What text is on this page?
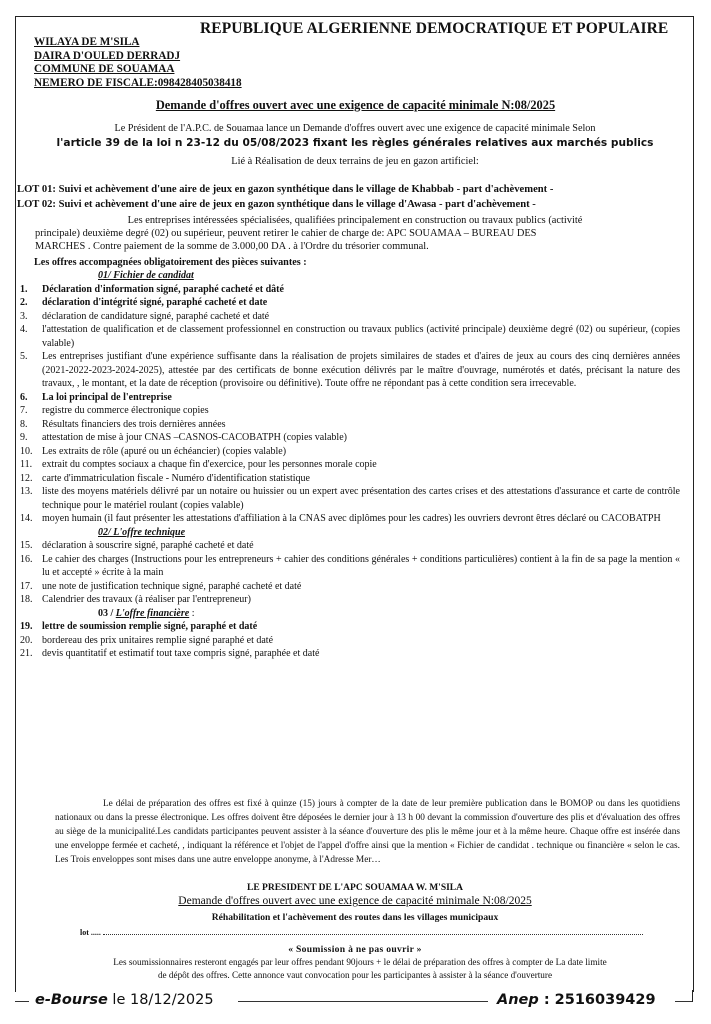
REPUBLIQUE ALGERIENNE DEMOCRATIQUE ET POPULAIRE
WILAYA DE M'SILA
DAIRA D'OULED DERRADJ
COMMUNE DE SOUAMAA
NEMERO DE FISCALE:098428405038418
Demande d'offres ouvert avec une exigence de capacité minimale N:08/2025
Le Président de l'A.P.C. de Souamaa lance un Demande d'offres ouvert avec une exigence de capacité minimale Selon
l'article 39 de la loi n 23-12 du 05/08/2023 fixant les règles générales relatives aux marchés publics
Lié à Réalisation de deux terrains de jeu en gazon artificiel:
LOT 01: Suivi et achèvement d'une aire de jeux en gazon synthétique dans le village de Khabbab - part d'achèvement -
LOT 02: Suivi et achèvement d'une aire de jeux en gazon synthétique dans le village d'Awasa - part d'achèvement -
Les entreprises intéressées spécialisées, qualifiées principalement en construction ou travaux publics (activité
principale) deuxième degré (02) ou supérieur, peuvent retirer le cahier de charge de: APC SOUAMAA – BUREAU DES
MARCHES . Contre paiement de la somme de 3.000,00 DA . à l'Ordre du trésorier communal.
Les offres accompagnées obligatoirement des pièces suivantes :
01/ Fichier de candidat
1. Déclaration d'information signé, paraphé cacheté et dâté
2. déclaration d'intégrité signé, paraphé cacheté et date
3. déclaration de candidature signé, paraphé cacheté et daté
4. l'attestation de qualification et de classement professionnel en construction ou travaux publics (activité principale) deuxième degré (02) ou supérieur, (copies valable)
5. Les entreprises justifiant d'une expérience suffisante dans la réalisation de projets similaires de stades et d'aires de jeux au cours des cinq dernières années (2021-2022-2023-2024-2025), attestée par des certificats de bonne exécution délivrés par le maître d'ouvrage, numérotés et datés, précisant la nature des travaux, , le montant, et la date de réception (provisoire ou définitive). Toute offre ne répondant pas à cette condition sera irrecevable.
6. La loi principal de l'entreprise
7. registre du commerce électronique copies
8. Résultats financiers des trois dernières années
9. attestation de mise à jour CNAS –CASNOS-CACOBATPH (copies valable)
10. Les extraits de rôle (apuré ou un échéancier) (copies valable)
11. extrait du comptes sociaux a chaque fin d'exercice, pour les personnes morale copie
12. carte d'immatriculation fiscale - Numéro d'identification statistique
13. liste des moyens matériels délivré par un notaire ou huissier ou un expert avec présentation des cartes crises et des attestations d'assurance et carte de contrôle technique pour le matériel roulant (copies valable)
14. moyen humain (il faut présenter les attestations d'affiliation à la CNAS avec diplômes pour les cadres) les ouvriers devront êtres déclaré ou CACOBATPH
02/ L'offre technique
15. déclaration à souscrire signé, paraphé cacheté et daté
16. Le cahier des charges (Instructions pour les entrepreneurs + cahier des conditions générales + conditions particulières) contient à la fin de sa page la mention « lu et accepté » écrite à la main
17. une note de justification technique signé, paraphé cacheté et daté
18. Calendrier des travaux (à réaliser par l'entrepreneur)
03 / L'offre financière :
19. lettre de soumission remplie signé, paraphé et daté
20. bordereau des prix unitaires remplie signé paraphé et daté
21. devis quantitatif et estimatif tout taxe compris signé, paraphée et daté
Le délai de préparation des offres est fixé à quinze (15) jours à compter de la date de leur première publication dans le BOMOP ou dans les quotidiens nationaux ou dans la presse électronique. Les offres doivent être déposées le dernier jour à 13 h 00 devant la commission d'ouverture des plis et d'évaluation des offres au siège de la municipalité.Les candidats participantes peuvent assister à la séance d'ouverture des plis le même jour et à la même heure. Chaque offre est insérée dans une enveloppe fermée et cacheté, , indiquant la référence et l'objet de l'appel d'offre ainsi que la mention « Fichier de candidat . technique ou financière « selon le cas. Les Trois enveloppes sont mises dans une autre enveloppe anonyme, à l'Adresse Mer…
LE PRESIDENT DE L'APC SOUAMAA W. M'SILA
Demande d'offres ouvert avec une exigence de capacité minimale N:08/2025
Réhabilitation et l'achèvement des routes dans les villages municipaux
lot .....
« Soumission à ne pas ouvrir »
Les soumissionnaires resteront engagés par leur offres pendant 90jours + le délai de préparation des offres à compter de La date limite
de dépôt des offres. Cette annonce vaut convocation pour les participantes à assister à la séance d'ouverture
e-Bourse le 18/12/2025	Anep : 2516039429
